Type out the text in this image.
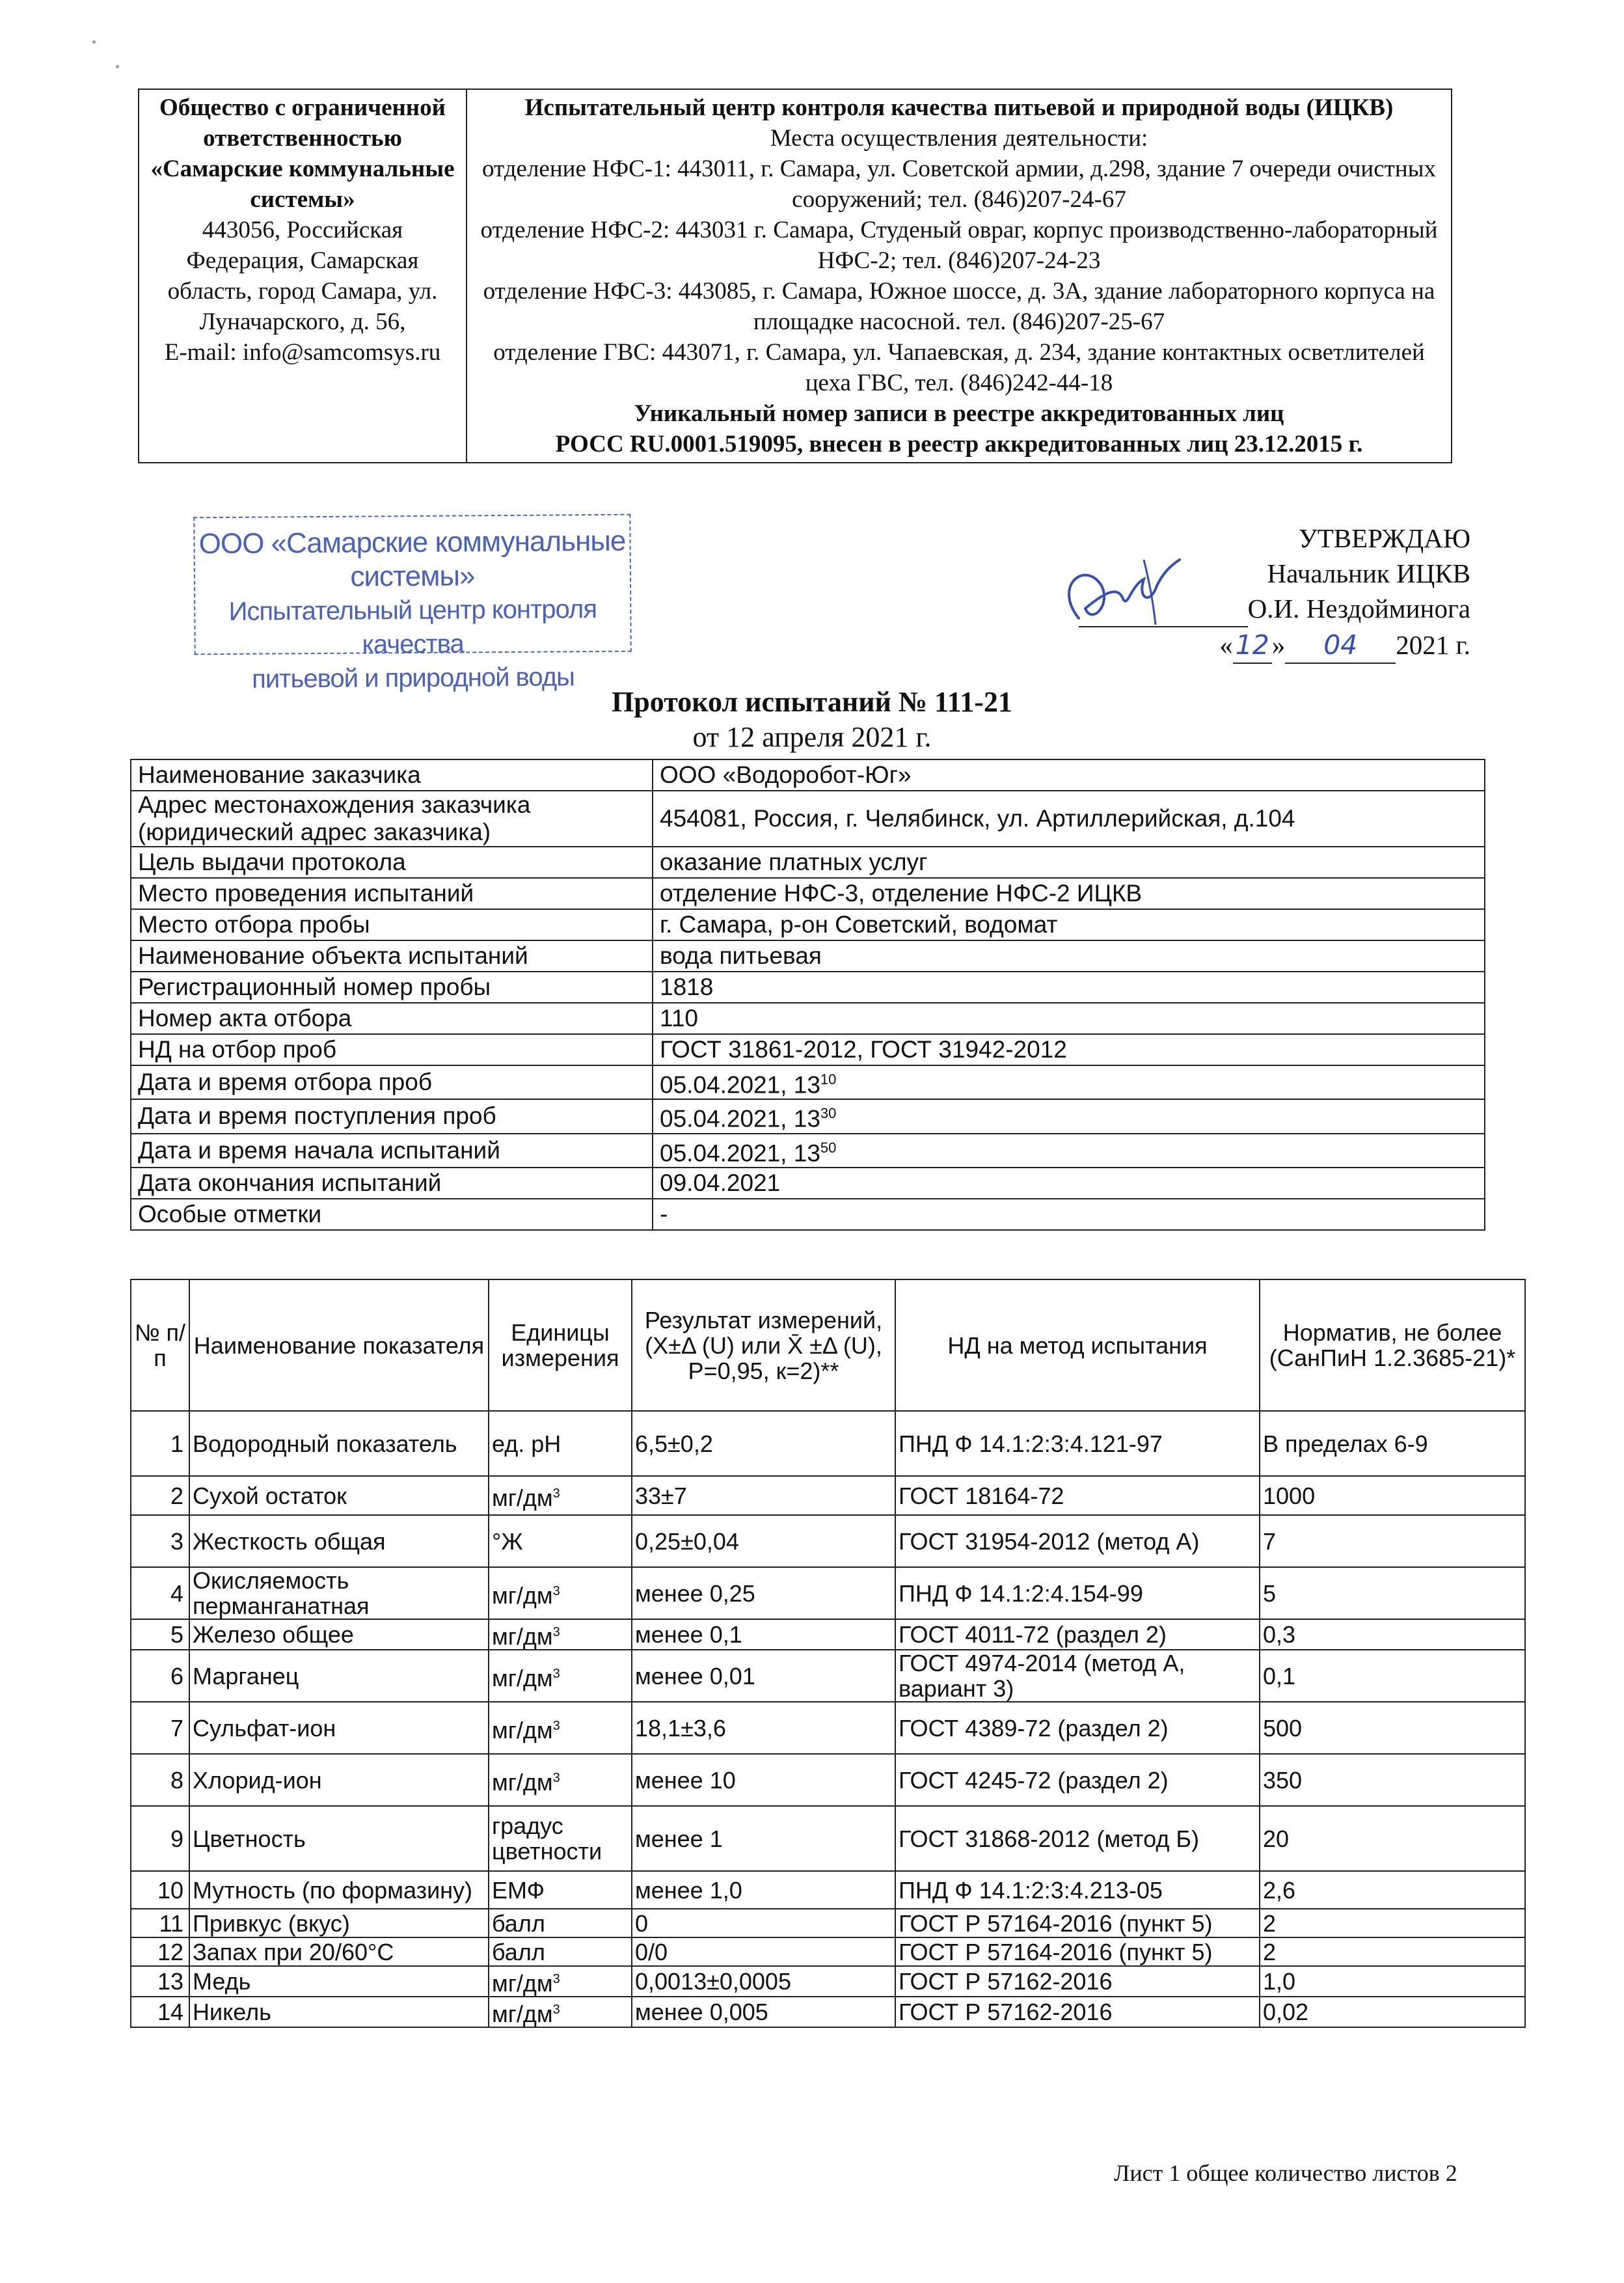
Общество с ограниченной ответственностью «Самарские коммунальные системы»
443056, Российская Федерация, Самарская область, город Самара, ул. Луначарского, д. 56,
E-mail: info@samcomsys.ru

Испытательный центр контроля качества питьевой и природной воды (ИЦКВ)
Места осуществления деятельности:
отделение НФС-1: 443011, г. Самара, ул. Советской армии, д.298, здание 7 очереди очистных сооружений; тел. (846)207-24-67
отделение НФС-2: 443031 г. Самара, Студеный овраг, корпус производственно-лабораторный НФС-2; тел. (846)207-24-23
отделение НФС-3: 443085, г. Самара, Южное шоссе, д. 3А, здание лабораторного корпуса на площадке насосной. тел. (846)207-25-67
отделение ГВС: 443071, г. Самара, ул. Чапаевская, д. 234, здание контактных осветлителей цеха ГВС, тел. (846)242-44-18
Уникальный номер записи в реестре аккредитованных лиц
РОСС RU.0001.519095, внесен в реестр аккредитованных лиц 23.12.2015 г.
ООО «Самарские коммунальные системы»
Испытательный центр контроля качества
питьевой и природной воды
УТВЕРЖДАЮ
Начальник ИЦКВ
О.И. Нездойминога
«12» 04 2021 г.
Протокол испытаний № 111-21
от 12 апреля 2021 г.
Наименование заказчика	ООО «Водоробот-Юг»
Адрес местонахождения заказчика (юридический адрес заказчика)	454081, Россия, г. Челябинск, ул. Артиллерийская, д.104
Цель выдачи протокола	оказание платных услуг
Место проведения испытаний	отделение НФС-3, отделение НФС-2 ИЦКВ
Место отбора пробы	г. Самара, р-он Советский, водомат
Наименование объекта испытаний	вода питьевая
Регистрационный номер пробы	1818
Номер акта отбора	110
НД на отбор проб	ГОСТ 31861-2012, ГОСТ 31942-2012
Дата и время отбора проб	05.04.2021, $13^{10}$
Дата и время поступления проб	05.04.2021, $13^{30}$
Дата и время начала испытаний	05.04.2021, $13^{50}$
Дата окончания испытаний	09.04.2021
Особые отметки	-
№ п/п	Наименование показателя	Единицы измерения	Результат измерений, (X±Δ (U) или X̄ ±Δ (U), Р=0,95, к=2)**	НД на метод испытания	Норматив, не более (СанПиН 1.2.3685-21)*
1	Водородный показатель	ед. рН	6,5±0,2	ПНД Ф 14.1:2:3:4.121-97	В пределах 6-9
2	Сухой остаток	$мг/дм^3$	33±7	ГОСТ 18164-72	1000
3	Жесткость общая	°Ж	0,25±0,04	ГОСТ 31954-2012 (метод А)	7
4	Окисляемость перманганатная	$мг/дм^3$	менее 0,25	ПНД Ф 14.1:2:4.154-99	5
5	Железо общее	$мг/дм^3$	менее 0,1	ГОСТ 4011-72 (раздел 2)	0,3
6	Марганец	$мг/дм^3$	менее 0,01	ГОСТ 4974-2014 (метод А, вариант 3)	0,1
7	Сульфат-ион	$мг/дм^3$	18,1±3,6	ГОСТ 4389-72 (раздел 2)	500
8	Хлорид-ион	$мг/дм^3$	менее 10	ГОСТ 4245-72 (раздел 2)	350
9	Цветность	градус цветности	менее 1	ГОСТ 31868-2012 (метод Б)	20
10	Мутность (по формазину)	ЕМФ	менее 1,0	ПНД Ф 14.1:2:3:4.213-05	2,6
11	Привкус (вкус)	балл	0	ГОСТ Р 57164-2016 (пункт 5)	2
12	Запах при 20/60°С	балл	0/0	ГОСТ Р 57164-2016 (пункт 5)	2
13	Медь	$мг/дм^3$	0,0013±0,0005	ГОСТ Р 57162-2016	1,0
14	Никель	$мг/дм^3$	менее 0,005	ГОСТ Р 57162-2016	0,02
Лист 1 общее количество листов 2
